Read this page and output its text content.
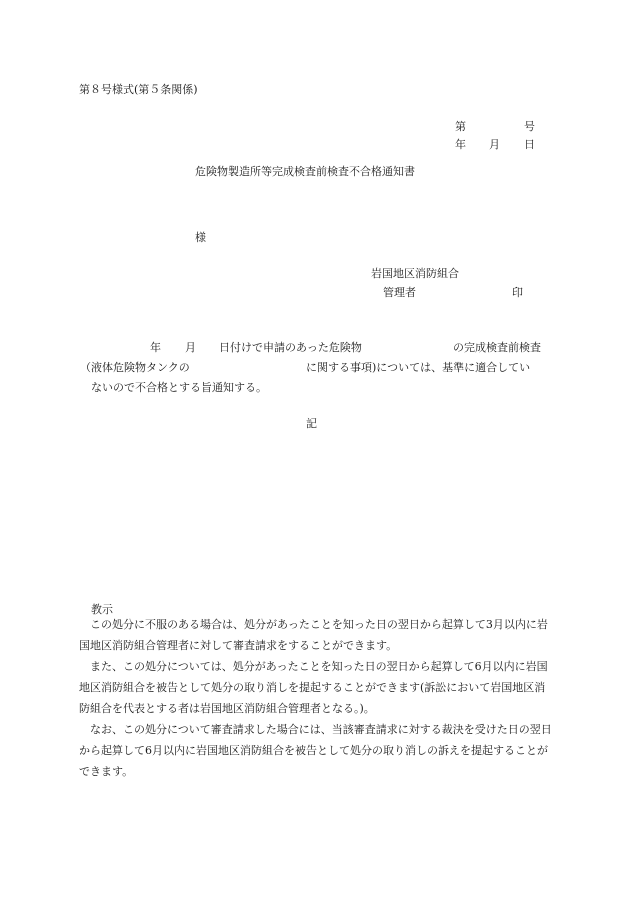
第８号様式(第５条関係)
第	号
年 月 日
危険物製造所等完成検査前検査不合格通知書
様
岩国地区消防組合
管理者	印
年 月 日付けで申請のあった危険物	の完成検査前検査
（液体危険物タンクの	に関する事項)については、基準に適合してい
ないので不合格とする旨通知する。
記
教示

　この処分に不服のある場合は、処分があったことを知った日の翌日から起算して3月以内に岩国地区消防組合管理者に対して審査請求をすることができます。

　また、この処分については、処分があったことを知った日の翌日から起算して6月以内に岩国地区消防組合を被告として処分の取り消しを提起することができます(訴訟において岩国地区消防組合を代表とする者は岩国地区消防組合管理者となる。)。

　なお、この処分について審査請求した場合には、当該審査請求に対する裁決を受けた日の翌日から起算して6月以内に岩国地区消防組合を被告として処分の取り消しの訴えを提起することができます。
